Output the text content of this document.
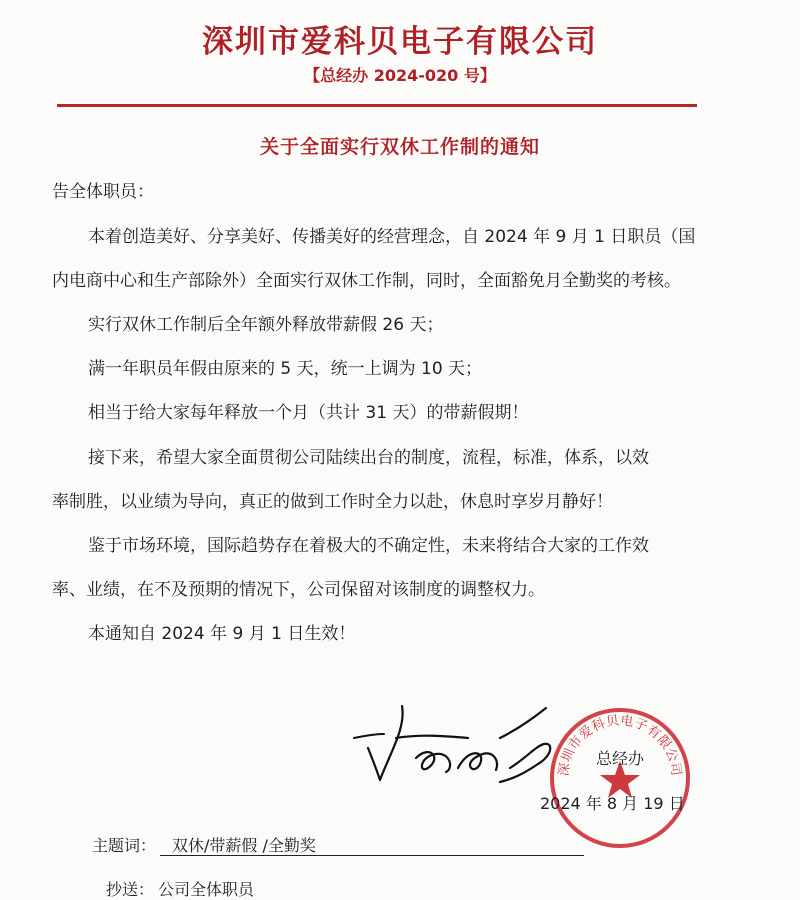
深圳市爱科贝电子有限公司
【总经办 2024-020 号】
关于全面实行双休工作制的通知
告全体职员：
本着创造美好、分享美好、传播美好的经营理念，自 2024 年 9 月 1 日职员（国
内电商中心和生产部除外）全面实行双休工作制，同时，全面豁免月全勤奖的考核。
实行双休工作制后全年额外释放带薪假 26 天；
满一年职员年假由原来的 5 天，统一上调为 10 天；
相当于给大家每年释放一个月（共计 31 天）的带薪假期！
接下来，希望大家全面贯彻公司陆续出台的制度，流程，标准，体系，以效
率制胜，以业绩为导向，真正的做到工作时全力以赴，休息时享岁月静好！
鉴于市场环境，国际趋势存在着极大的不确定性，未来将结合大家的工作效
率、业绩，在不及预期的情况下，公司保留对该制度的调整权力。
本通知自 2024 年 9 月 1 日生效！
深圳市爱科贝电子有限公司
总经办
2024 年 8 月 19 日
主题词： 双休/带薪假 /全勤奖
抄送： 公司全体职员
